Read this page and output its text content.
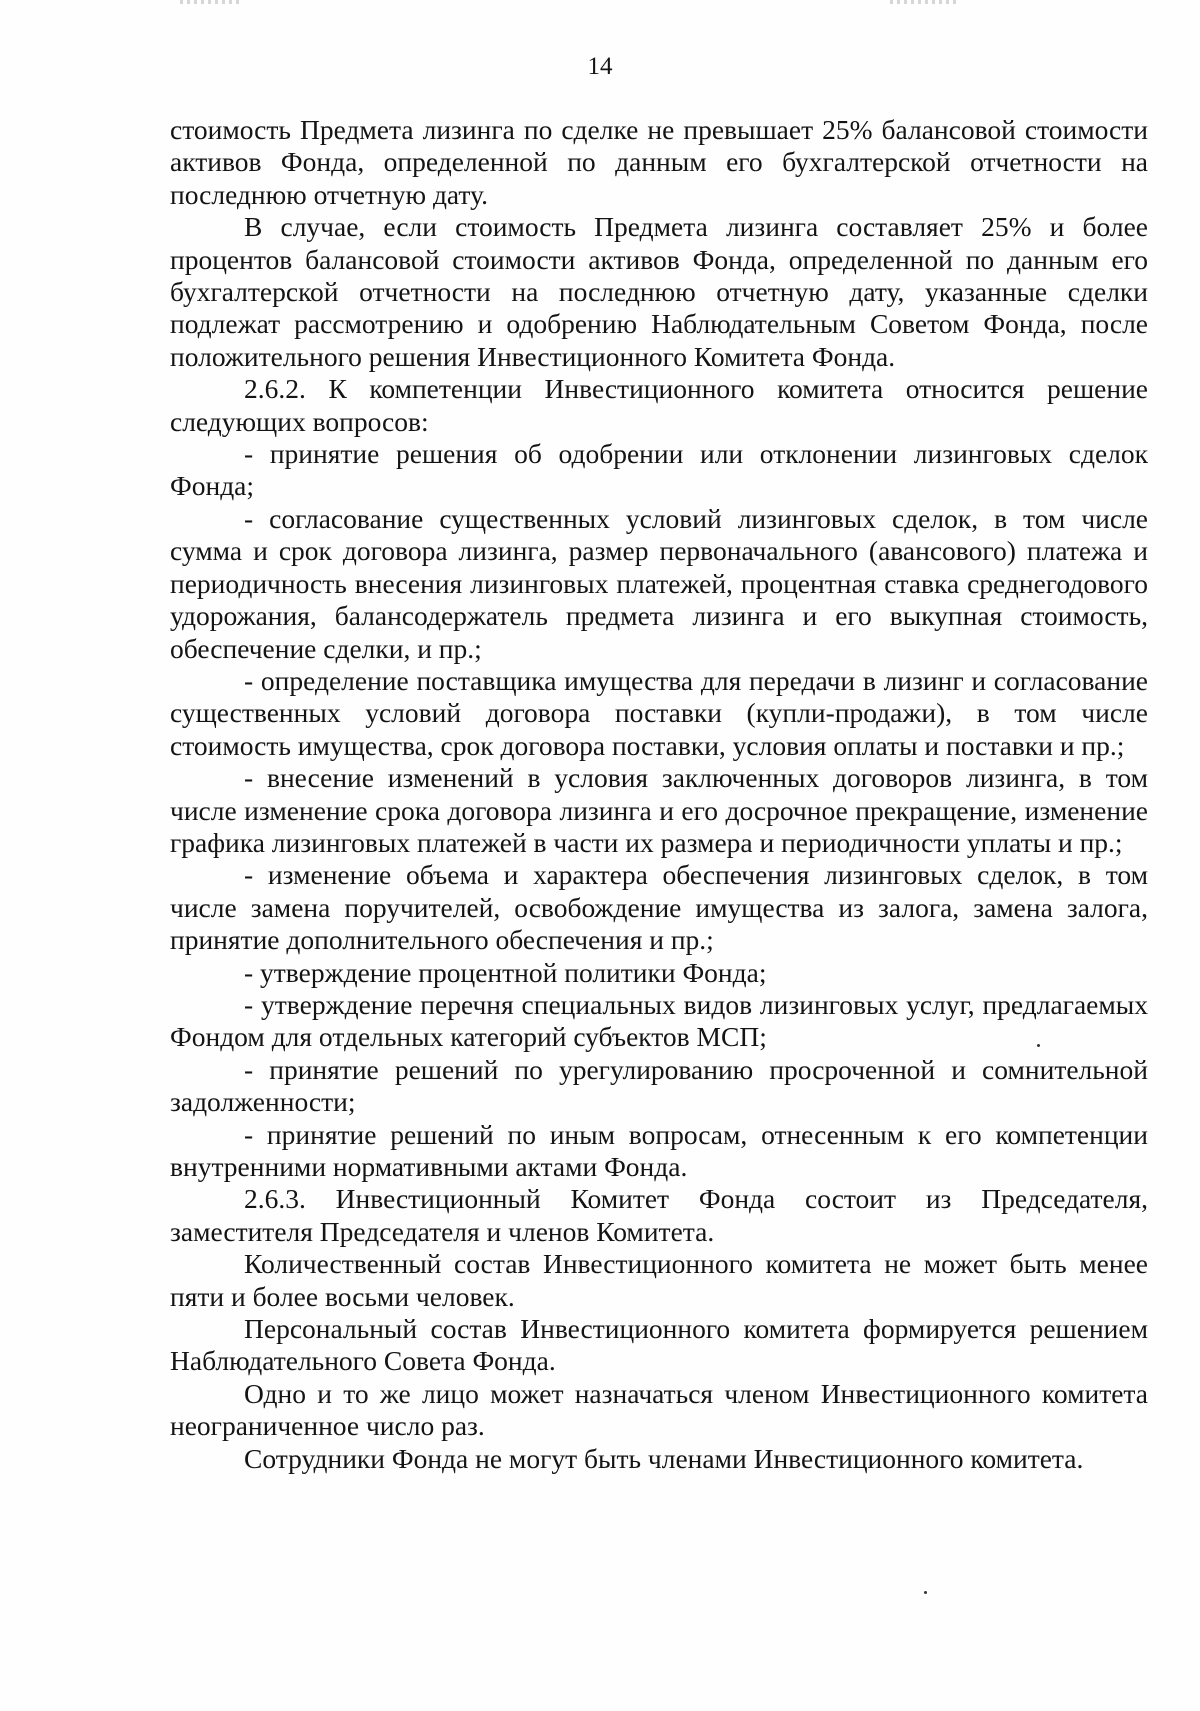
14

стоимость Предмета лизинга по сделке не превышает 25% балансовой стоимости активов Фонда, определенной по данным его бухгалтерской отчетности на последнюю отчетную дату.

В случае, если стоимость Предмета лизинга составляет 25% и более процентов балансовой стоимости активов Фонда, определенной по данным его бухгалтерской отчетности на последнюю отчетную дату, указанные сделки подлежат рассмотрению и одобрению Наблюдательным Советом Фонда, после положительного решения Инвестиционного Комитета Фонда.

2.6.2. К компетенции Инвестиционного комитета относится решение следующих вопросов:

- принятие решения об одобрении или отклонении лизинговых сделок Фонда;

- согласование существенных условий лизинговых сделок, в том числе сумма и срок договора лизинга, размер первоначального (авансового) платежа и периодичность внесения лизинговых платежей, процентная ставка среднегодового удорожания, балансодержатель предмета лизинга и его выкупная стоимость, обеспечение сделки, и пр.;

- определение поставщика имущества для передачи в лизинг и согласование существенных условий договора поставки (купли-продажи), в том числе стоимость имущества, срок договора поставки, условия оплаты и поставки и пр.;

- внесение изменений в условия заключенных договоров лизинга, в том числе изменение срока договора лизинга и его досрочное прекращение, изменение графика лизинговых платежей в части их размера и периодичности уплаты и пр.;

- изменение объема и характера обеспечения лизинговых сделок, в том числе замена поручителей, освобождение имущества из залога, замена залога, принятие дополнительного обеспечения и пр.;

- утверждение процентной политики Фонда;

- утверждение перечня специальных видов лизинговых услуг, предлагаемых Фондом для отдельных категорий субъектов МСП;

- принятие решений по урегулированию просроченной и сомнительной задолженности;

- принятие решений по иным вопросам, отнесенным к его компетенции внутренними нормативными актами Фонда.

2.6.3. Инвестиционный Комитет Фонда состоит из Председателя, заместителя Председателя и членов Комитета.

Количественный состав Инвестиционного комитета не может быть менее пяти и более восьми человек.

Персональный состав Инвестиционного комитета формируется решением Наблюдательного Совета Фонда.

Одно и то же лицо может назначаться членом Инвестиционного комитета неограниченное число раз.

Сотрудники Фонда не могут быть членами Инвестиционного комитета.
